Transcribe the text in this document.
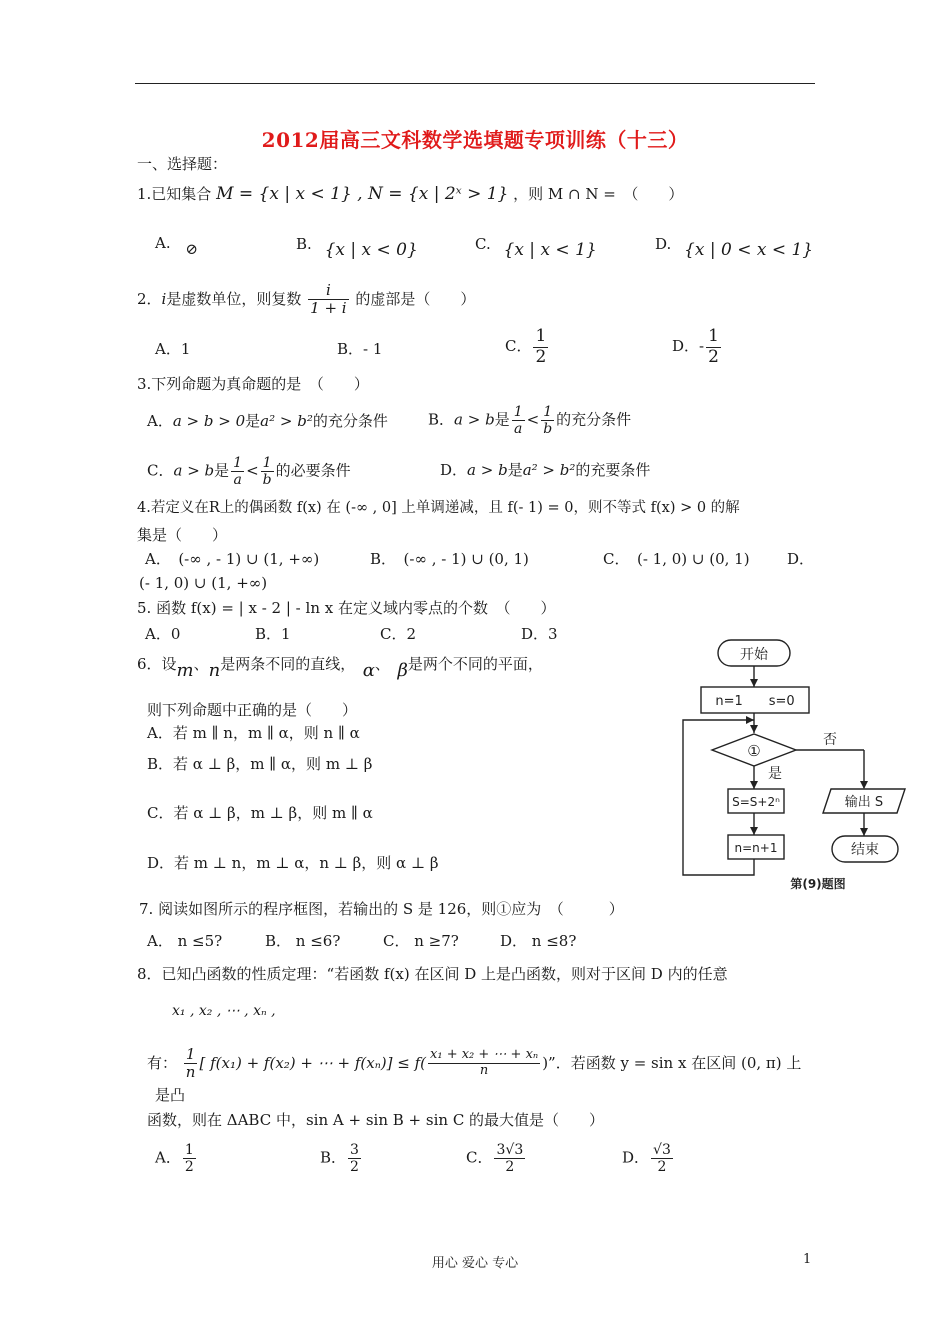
2012届高三文科数学选填题专项训练（十三）
一、选择题：
1.已知集合 M = {x | x < 1} , N = {x | 2ˣ > 1} ，则 M ∩ N =　（　　）
A. ⊘	B. {x | x < 0}	C. {x | x < 1}	D. {x | 0 < x < 1}
2．i是虚数单位，则复数 $\frac{i}{1 + i}$ 的虚部是（　　）
A．1	B．- 1	C． $\frac{1}{2}$	D．- $\frac{1}{2}$
3.下列命题为真命题的是　（　　）
A．a > b > 0是a² > b²的充分条件	B．a > b是 $\frac{1}{a} < \frac{1}{b}$ 的充分条件
C．a > b是 $\frac{1}{a} < \frac{1}{b}$ 的必要条件	D．a > b是a² > b²的充要条件
4.若定义在R上的偶函数 f(x) 在 (-∞ , 0] 上单调递减，且 f(- 1) = 0，则不等式 f(x) > 0 的解
集是（　　）
A．　(-∞ , - 1) ∪ (1, +∞)	B．　(-∞ , - 1) ∪ (0, 1)	C．　(- 1, 0) ∪ (0, 1) D．
(- 1, 0) ∪ (1, +∞)
5. 函数 f(x) = | x - 2 | - ln x 在定义域内零点的个数　（　　）
A．0	B．1	C．2	D．3
6．设m、n是两条不同的直线，　 α、　 β是两个不同的平面，
则下列命题中正确的是（　　）
A．若 m ∥ n，m ∥ α，则 n ∥ α
B．若 α ⊥ β，m ∥ α，则 m ⊥ β
C．若 α ⊥ β，m ⊥ β，则 m ∥ α
D．若 m ⊥ n，m ⊥ α，n ⊥ β，则 α ⊥ β
开始
n=1　　s=0
①
否
是
S=S+2ⁿ	输出 S
n=n+1	结束
第(9)题图
7. 阅读如图所示的程序框图，若输出的 S 是 126，则①应为　（　　　）
A． n ≤5?	B． n ≤6?	C． n ≥7?	D． n ≤8?
8．已知凸函数的性质定理：“若函数 f(x) 在区间 D 上是凸函数，则对于区间 D 内的任意
x₁ , x₂ , ⋯ , xₙ ,
有： $\frac{1}{n}$ [ f(x₁) + f(x₂) + ⋯ + $f(x_n)] \le f( \frac{\text{x₁ + x₂ + ⋯ + xₙ}}{n}$ )”．若函数 y = sin x 在区间 (0, π) 上
是凸
函数，则在 ΔABC 中，sin A + sin B + sin C 的最大值是（　　）
A． $\frac{1}{2}$	B． $\frac{3}{2}$	C． $\frac{3√3}{2}$	D． $\frac{√3}{2}$
用心 爱心 专心	1
